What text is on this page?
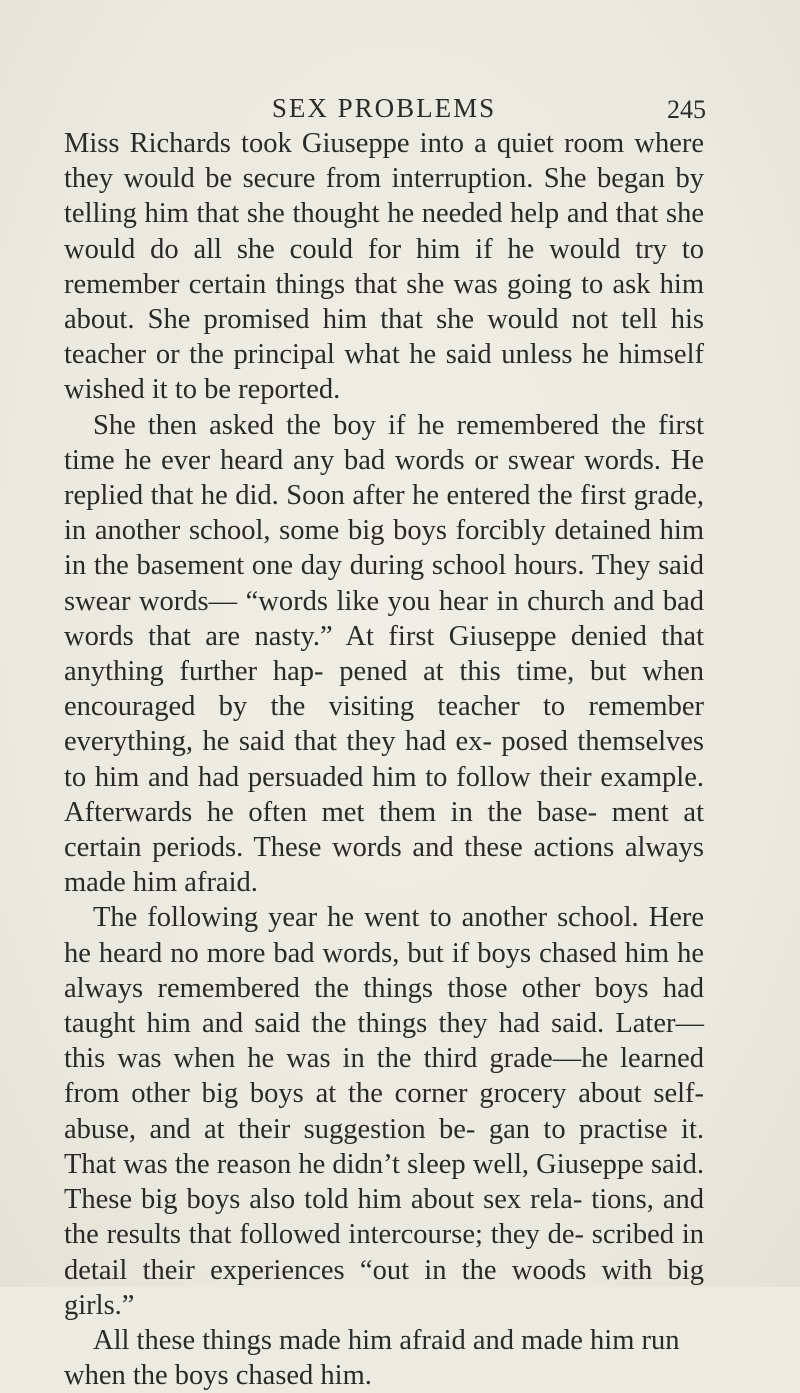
SEX PROBLEMS	245

Miss Richards took Giuseppe into a quiet room where they would be secure from interruption. She began by telling him that she thought he needed help and that she would do all she could for him if he would try to remember certain things that she was going to ask him about. She promised him that she would not tell his teacher or the principal what he said unless he himself wished it to be reported.

She then asked the boy if he remembered the first time he ever heard any bad words or swear words. He replied that he did. Soon after he entered the first grade, in another school, some big boys forcibly detained him in the basement one day during school hours. They said swear words— “words like you hear in church and bad words that are nasty.” At first Giuseppe denied that anything further hap- pened at this time, but when encouraged by the visiting teacher to remember everything, he said that they had ex- posed themselves to him and had persuaded him to follow their example. Afterwards he often met them in the base- ment at certain periods. These words and these actions always made him afraid.

The following year he went to another school. Here he heard no more bad words, but if boys chased him he always remembered the things those other boys had taught him and said the things they had said. Later—this was when he was in the third grade—he learned from other big boys at the corner grocery about self-abuse, and at their suggestion be- gan to practise it. That was the reason he didn’t sleep well, Giuseppe said. These big boys also told him about sex rela- tions, and the results that followed intercourse; they de- scribed in detail their experiences “out in the woods with big girls.”

All these things made him afraid and made him run when the boys chased him.
